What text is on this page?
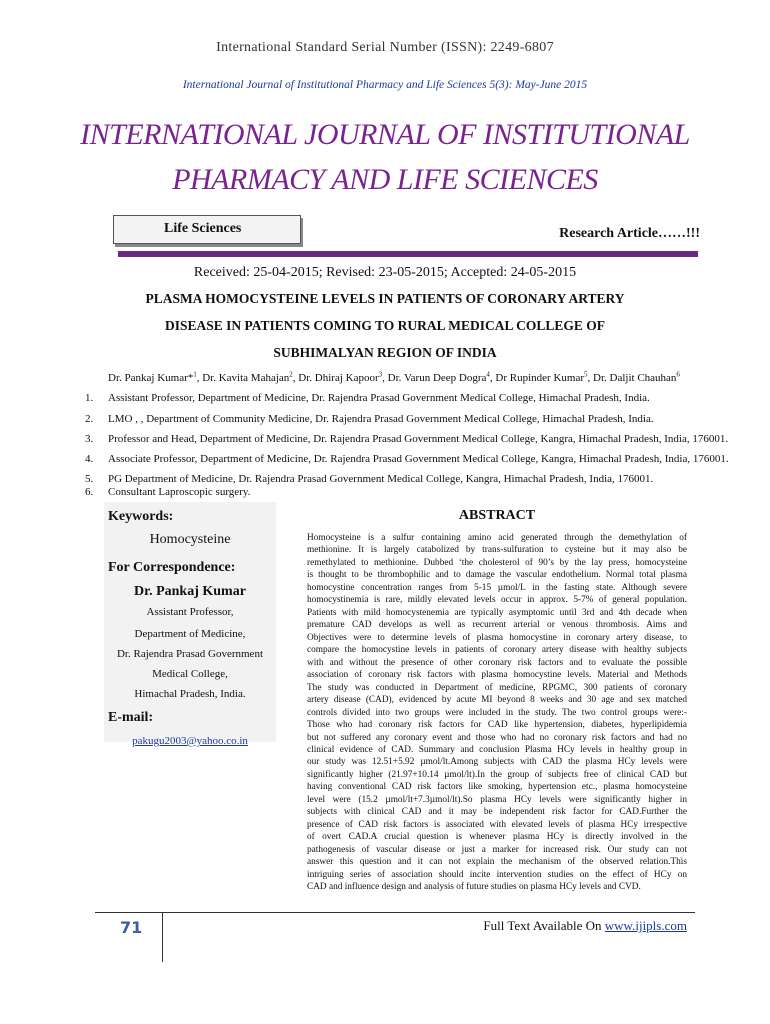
International Standard Serial Number (ISSN): 2249-6807
International Journal of Institutional Pharmacy and Life Sciences 5(3): May-June 2015
INTERNATIONAL JOURNAL OF INSTITUTIONAL
PHARMACY AND LIFE SCIENCES
Life Sciences	Research Article……!!!
Received: 25-04-2015; Revised: 23-05-2015; Accepted: 24-05-2015
PLASMA HOMOCYSTEINE LEVELS IN PATIENTS OF CORONARY ARTERY
DISEASE IN PATIENTS COMING TO RURAL MEDICAL COLLEGE OF
SUBHIMALYAN REGION OF INDIA
Dr. Pankaj Kumar*$^1$, Dr. Kavita Mahajan$^2$, Dr. Dhiraj Kapoor$^3$, Dr. Varun Deep Dogra$^4$, Dr Rupinder Kumar$^5$, Dr. Daljit Chauhan$^6$
1. Assistant Professor, Department of Medicine, Dr. Rajendra Prasad Government Medical College, Himachal Pradesh, India.
2. LMO , , Department of Community Medicine, Dr. Rajendra Prasad Government Medical College, Himachal Pradesh, India.
3. Professor and Head, Department of Medicine, Dr. Rajendra Prasad Government Medical College, Kangra, Himachal Pradesh, India, 176001.
4. Associate Professor, Department of Medicine, Dr. Rajendra Prasad Government Medical College, Kangra, Himachal Pradesh, India, 176001.
5. PG Department of Medicine, Dr. Rajendra Prasad Government Medical College, Kangra, Himachal Pradesh, India, 176001.
6. Consultant Laproscopic surgery.
Keywords:
Homocysteine
For Correspondence:
Dr. Pankaj Kumar
Assistant Professor,
Department of Medicine,
Dr. Rajendra Prasad Government
Medical College,
Himachal Pradesh, India.
E-mail:
pakugu2003@yahoo.co.in
ABSTRACT
Homocysteine is a sulfur containing amino acid generated through the demethylation of
methionine. It is largely catabolized by trans-sulfuration to cysteine but it may also be
remethylated to methionine. Dubbed ‘the cholesterol of 90’s by the lay press, homocysteine
is thought to be thrombophilic and to damage the vascular endothelium. Normal total plasma
homocystine concentration ranges from 5-15 µmol/L in the fasting state. Although severe
homocystinemia is rare, mildly elevated levels occur in approx. 5-7% of general population.
Patients with mild homocystenemia are typically asymptomic until 3rd and 4th decade when
premature CAD develops as well as recurrent arterial or venous thrombosis. Aims and
Objectives were to determine levels of plasma homocystine in coronary artery disease, to
compare the homocystine levels in patients of coronary artery disease with healthy subjects
with and without the presence of other coronary risk factors and to evaluate the possible
association of coronary risk factors with plasma homocystine levels. Material and Methods
The study was conducted in Department of medicine, RPGMC, 300 patients of coronary
artery disease (CAD), evidenced by acute MI beyond 8 weeks and 30 age and sex matched
controls divided into two groups were included in the study. The two control groups were:-
Those who had coronary risk factors for CAD like hypertension, diabetes, hyperlipidemia
but not suffered any coronary event and those who had no coronary risk factors and had no
clinical evidence of CAD. Summary and conclusion Plasma HCy levels in healthy group in
our study was 12.51+5.92 µmol/lt.Among subjects with CAD the plasma HCy levels were
significantly higher (21.97+10.14 µmol/lt).In the group of subjects free of clinical CAD but
having conventional CAD risk factors like smoking, hypertension etc., plasma homocysteine
level were (15.2 µmol/lt+7.3µmol/lt).So plasma HCy levels were significantly higher in
subjects with clinical CAD and it may be independent risk factor for CAD.Further the
presence of CAD risk factors is associated with elevated levels of plasma HCy irrespective
of overt CAD.A crucial question is whenever plasma HCy is directly involved in the
pathogenesis of vascular disease or just a marker for increased risk. Our study can not
answer this question and it can not explain the mechanism of the observed relation.This
intriguing series of association should incite intervention studies on the effect of HCy on
CAD and influence design and analysis of future studies on plasma HCy levels and CVD.
71	Full Text Available On www.ijipls.com
